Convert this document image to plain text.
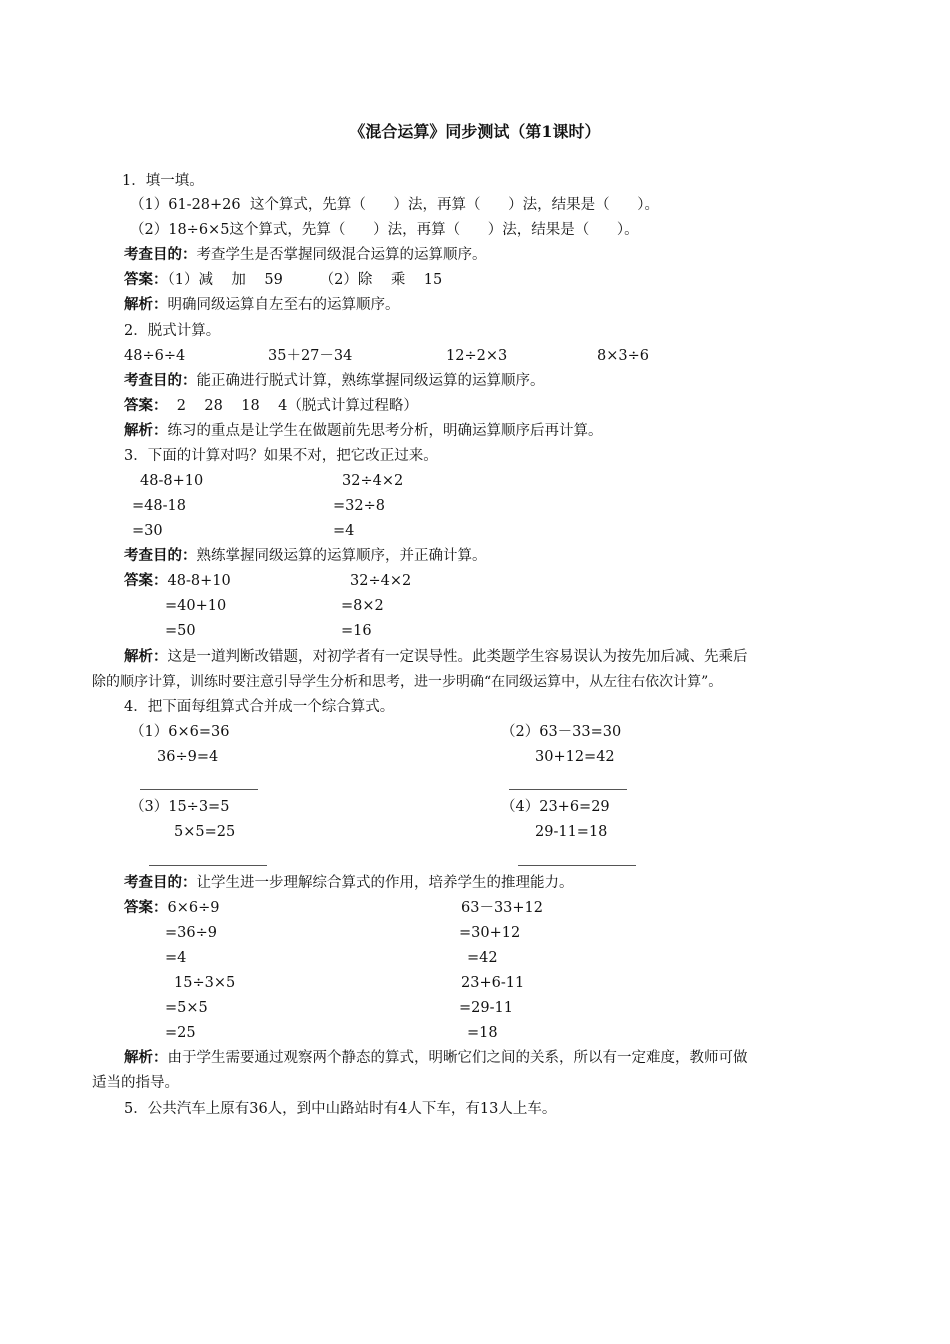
《混合运算》同步测试（第1课时）
1．填一填。
（1）61-28+26  这个算式，先算（      ）法，再算（      ）法，结果是（      ）。
（2）18÷6×5这个算式，先算（      ）法，再算（      ）法，结果是（      ）。
考查目的：考查学生是否掌握同级混合运算的运算顺序。
答案：（1）减    加    59        （2）除    乘    15
解析：明确同级运算自左至右的运算顺序。
2．脱式计算。
48÷6÷4	35＋27－34	12÷2×3	8×3÷6
考查目的：能正确进行脱式计算，熟练掌握同级运算的运算顺序。
答案：  2    28    18    4（脱式计算过程略）
解析：练习的重点是让学生在做题前先思考分析，明确运算顺序后再计算。
3．下面的计算对吗？如果不对，把它改正过来。
48-8+10
=48-18
=30
32÷4×2
=32÷8
=4
考查目的：熟练掌握同级运算的运算顺序，并正确计算。
答案：48-8+10
=40+10
=50
32÷4×2
=8×2
=16
解析：这是一道判断改错题，对初学者有一定误导性。此类题学生容易误认为按先加后减、先乘后
除的顺序计算，训练时要注意引导学生分析和思考，进一步明确“在同级运算中，从左往右依次计算”。
4．把下面每组算式合并成一个综合算式。
（1）6×6=36
36÷9=4
（2）63－33=30
30+12=42
（3）15÷3=5
5×5=25
（4）23+6=29
29-11=18
考查目的：让学生进一步理解综合算式的作用，培养学生的推理能力。
答案：6×6÷9
=36÷9
=4
15÷3×5
=5×5
=25
63－33+12
=30+12
=42
23+6-11
=29-11
=18
解析：由于学生需要通过观察两个静态的算式，明晰它们之间的关系，所以有一定难度，教师可做
适当的指导。
5．公共汽车上原有36人，到中山路站时有4人下车，有13人上车。
